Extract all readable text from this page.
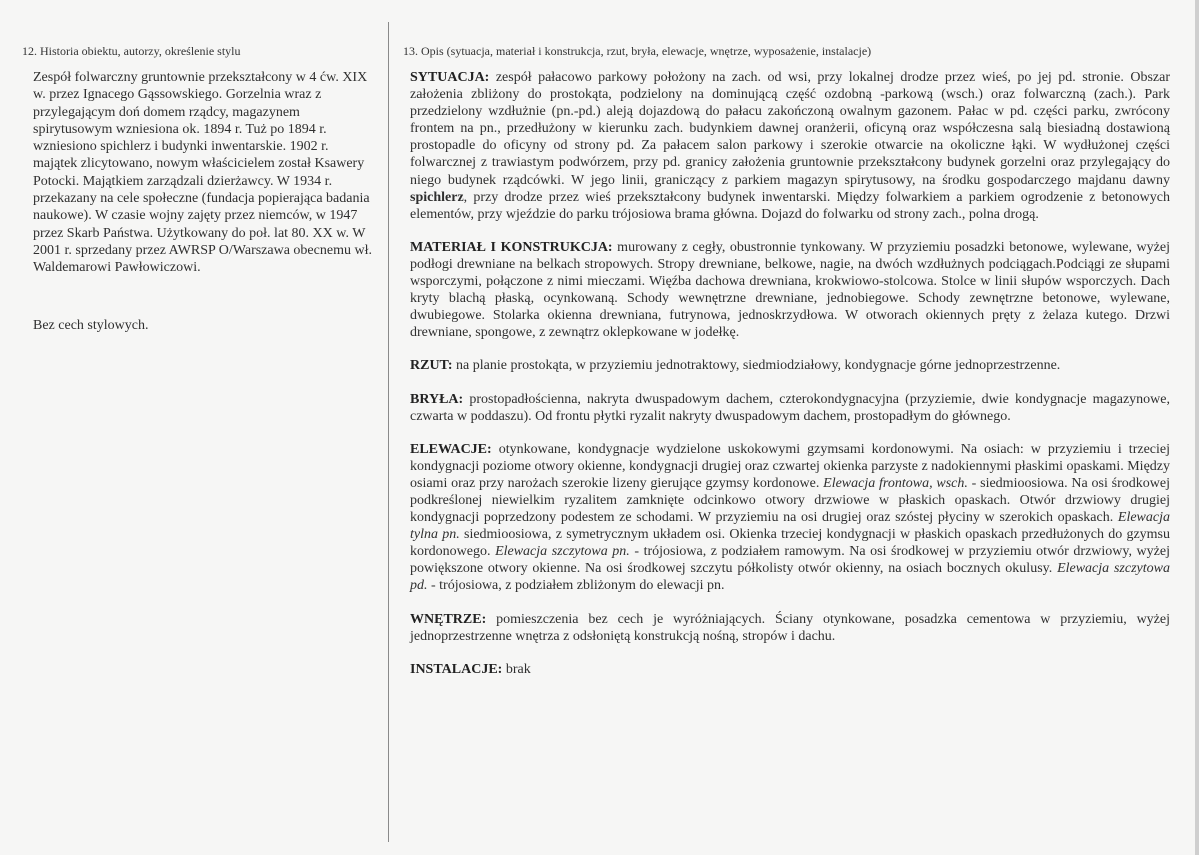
12. Historia obiektu, autorzy, określenie stylu

Zespół folwarczny gruntownie przekształcony w 4 ćw. XIX w. przez Ignacego Gąssowskiego. Gorzelnia wraz z przylegającym doń domem rządcy, magazynem spirytusowym wzniesiona ok. 1894 r. Tuż po 1894 r. wzniesiono spichlerz i budynki inwentarskie. 1902 r. majątek zlicytowano, nowym właścicielem został Ksawery Potocki. Majątkiem zarządzali dzierżawcy. W 1934 r. przekazany na cele społeczne (fundacja popierająca badania naukowe). W czasie wojny zajęty przez niemców, w 1947 przez Skarb Państwa. Użytkowany do poł. lat 80. XX w. W 2001 r. sprzedany przez AWRSP O/Warszawa obecnemu wł. Waldemarowi Pawłowiczowi.

Bez cech stylowych.

13. Opis (sytuacja, materiał i konstrukcja, rzut, bryła, elewacje, wnętrze, wyposażenie, instalacje)

SYTUACJA: zespół pałacowo parkowy położony na zach. od wsi, przy lokalnej drodze przez wieś, po jej pd. stronie. Obszar założenia zbliżony do prostokąta, podzielony na dominującą część ozdobną -parkową (wsch.) oraz folwarczną (zach.). Park przedzielony wzdłużnie (pn.-pd.) aleją dojazdową do pałacu zakończoną owalnym gazonem. Pałac w pd. części parku, zwrócony frontem na pn., przedłużony w kierunku zach. budynkiem dawnej oranżerii, oficyną oraz współczesna salą biesiadną dostawioną prostopadle do oficyny od strony pd. Za pałacem salon parkowy i szerokie otwarcie na okoliczne łąki. W wydłużonej części folwarcznej z trawiastym podwórzem, przy pd. granicy założenia gruntownie przekształcony budynek gorzelni oraz przylegający do niego budynek rządcówki. W jego linii, graniczący z parkiem magazyn spirytusowy, na środku gospodarczego majdanu dawny spichlerz, przy drodze przez wieś przekształcony budynek inwentarski. Między folwarkiem a parkiem ogrodzenie z betonowych elementów, przy wjeździe do parku trójosiowa brama główna. Dojazd do folwarku od strony zach., polna drogą.

MATERIAŁ I KONSTRUKCJA: murowany z cegły, obustronnie tynkowany. W przyziemiu posadzki betonowe, wylewane, wyżej podłogi drewniane na belkach stropowych. Stropy drewniane, belkowe, nagie, na dwóch wzdłużnych podciągach.Podciągi ze słupami wsporczymi, połączone z nimi mieczami. Więźba dachowa drewniana, krokwiowo-stolcowa. Stolce w linii słupów wsporczych. Dach kryty blachą płaską, ocynkowaną. Schody wewnętrzne drewniane, jednobiegowe. Schody zewnętrzne betonowe, wylewane, dwubiegowe. Stolarka okienna drewniana, futrynowa, jednoskrzydłowa. W otworach okiennych pręty z żelaza kutego. Drzwi drewniane, spongowe, z zewnątrz oklepkowane w jodełkę.

RZUT: na planie prostokąta, w przyziemiu jednotraktowy, siedmiodziałowy, kondygnacje górne jednoprzestrzenne.

BRYŁA: prostopadłościenna, nakryta dwuspadowym dachem, czterokondygnacyjna (przyziemie, dwie kondygnacje magazynowe, czwarta w poddaszu). Od frontu płytki ryzalit nakryty dwuspadowym dachem, prostopadłym do głównego.

ELEWACJE: otynkowane, kondygnacje wydzielone uskokowymi gzymsami kordonowymi. Na osiach: w przyziemiu i trzeciej kondygnacji poziome otwory okienne, kondygnacji drugiej oraz czwartej okienka parzyste z nadokiennymi płaskimi opaskami. Między osiami oraz przy narożach szerokie lizeny gierujące gzymsy kordonowe. Elewacja frontowa, wsch. - siedmioosiowa. Na osi środkowej podkreślonej niewielkim ryzalitem zamknięte odcinkowo otwory drzwiowe w płaskich opaskach. Otwór drzwiowy drugiej kondygnacji poprzedzony podestem ze schodami. W przyziemiu na osi drugiej oraz szóstej płyciny w szerokich opaskach. Elewacja tylna pn. siedmioosiowa, z symetrycznym układem osi. Okienka trzeciej kondygnacji w płaskich opaskach przedłużonych do gzymsu kordonowego. Elewacja szczytowa pn. - trójosiowa, z podziałem ramowym. Na osi środkowej w przyziemiu otwór drzwiowy, wyżej powiększone otwory okienne. Na osi środkowej szczytu półkolisty otwór okienny, na osiach bocznych okulusy. Elewacja szczytowa pd. - trójosiowa, z podziałem zbliżonym do elewacji pn.

WNĘTRZE: pomieszczenia bez cech je wyróżniających. Ściany otynkowane, posadzka cementowa w przyziemiu, wyżej jednoprzestrzenne wnętrza z odsłoniętą konstrukcją nośną, stropów i dachu.

INSTALACJE: brak
